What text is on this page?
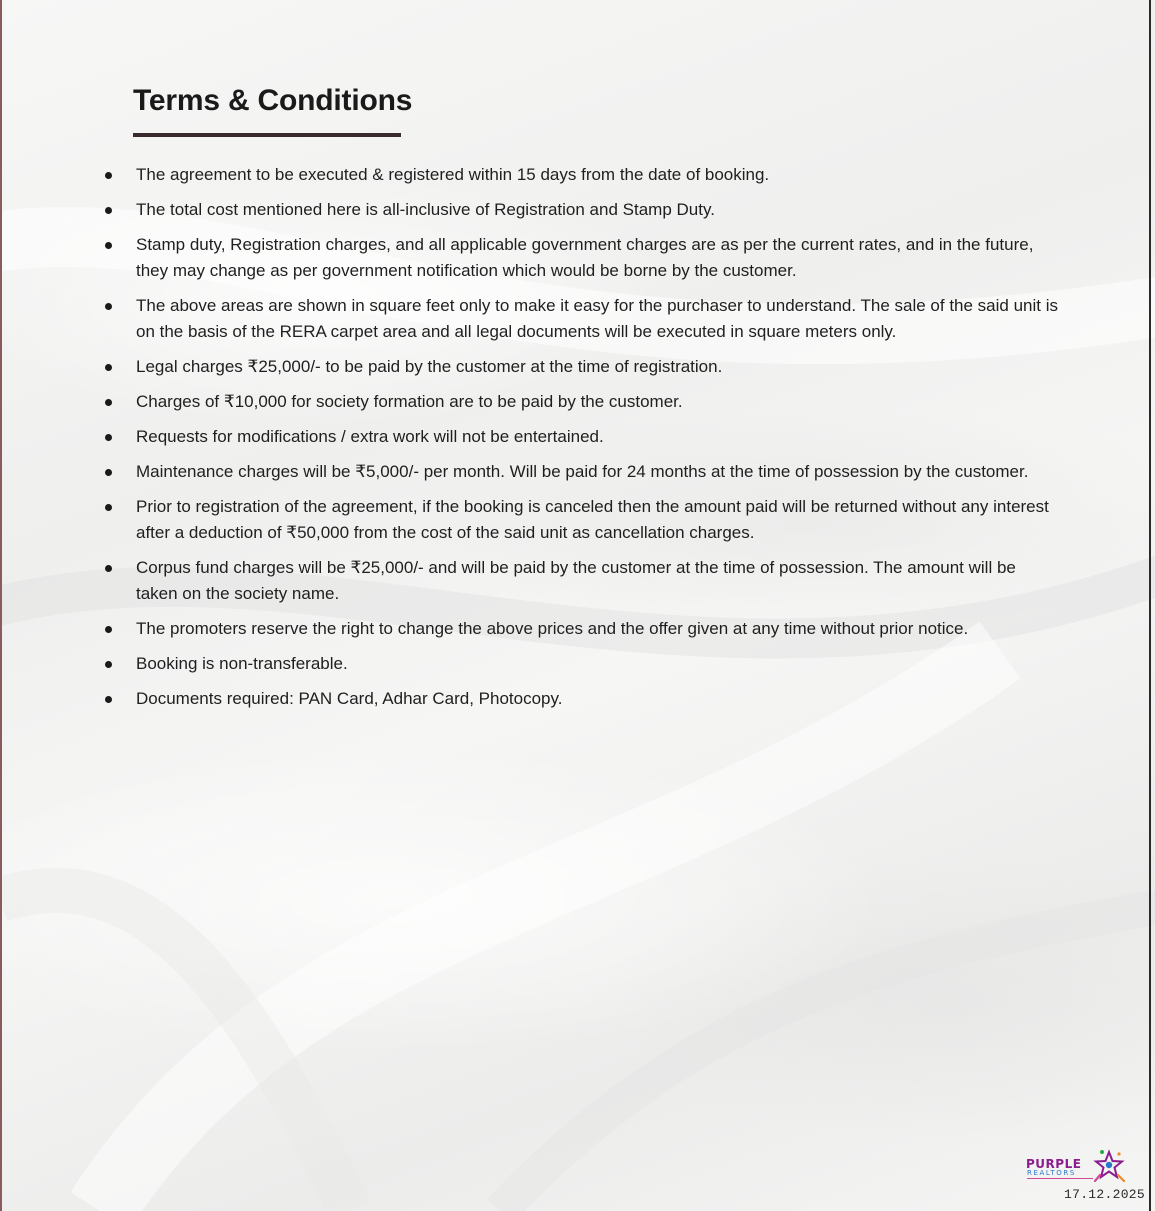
Terms & Conditions
The agreement to be executed & registered within 15 days from the date of booking.
The total cost mentioned here is all-inclusive of Registration and Stamp Duty.
Stamp duty, Registration charges, and all applicable government charges are as per the current rates, and in the future, they may change as per government notification which would be borne by the customer.
The above areas are shown in square feet only to make it easy for the purchaser to understand. The sale of the said unit is on the basis of the RERA carpet area and all legal documents will be executed in square meters only.
Legal charges ₹25,000/- to be paid by the customer at the time of registration.
Charges of ₹10,000 for society formation are to be paid by the customer.
Requests for modifications / extra work will not be entertained.
Maintenance charges will be ₹5,000/- per month. Will be paid for 24 months at the time of possession by the customer.
Prior to registration of the agreement, if the booking is canceled then the amount paid will be returned without any interest after a deduction of ₹50,000 from the cost of the said unit as cancellation charges.
Corpus fund charges will be ₹25,000/- and will be paid by the customer at the time of possession. The amount will be taken on the society name.
The promoters reserve the right to change the above prices and the offer given at any time without prior notice.
Booking is non-transferable.
Documents required: PAN Card, Adhar Card, Photocopy.
PURPLE
REALTORS
17.12.2025
